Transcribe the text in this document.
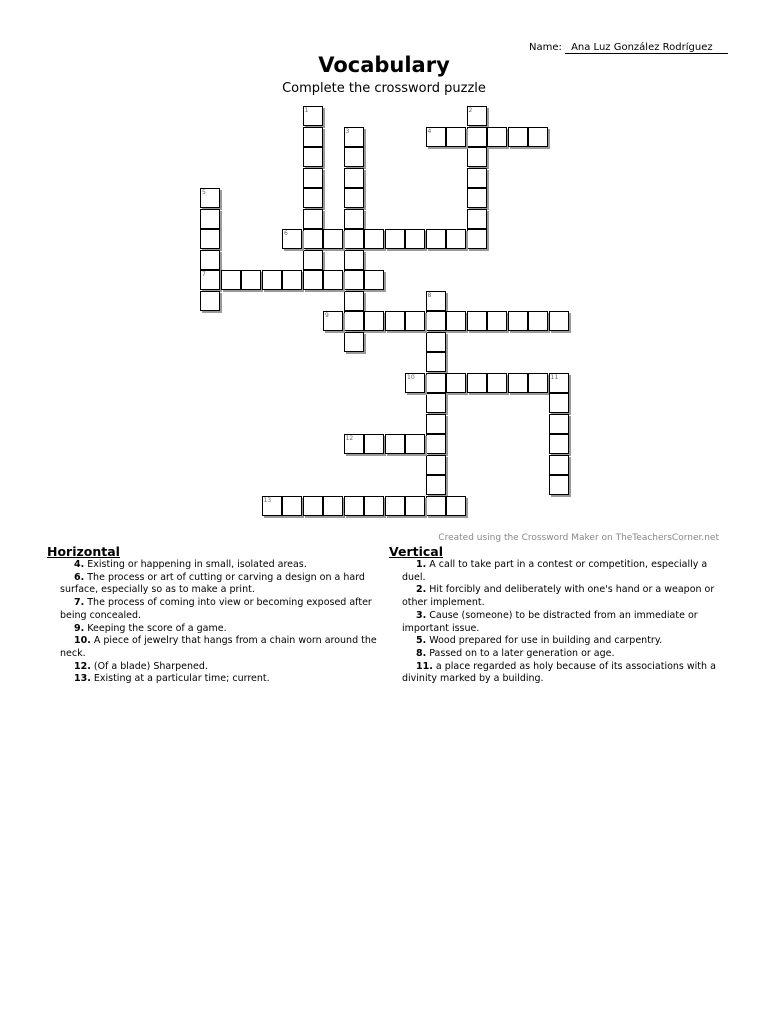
Name: Ana Luz González Rodríguez
Vocabulary
Complete the crossword puzzle
1	2
3	4
5
6
7
8
9
10	11
12
13
Created using the Crossword Maker on TheTeachersCorner.net
Horizontal
4. Existing or happening in small, isolated areas.
6. The process or art of cutting or carving a design on a hard surface, especially so as to make a print.
7. The process of coming into view or becoming exposed after being concealed.
9. Keeping the score of a game.
10. A piece of jewelry that hangs from a chain worn around the neck.
12. (Of a blade) Sharpened.
13. Existing at a particular time; current.
Vertical
1. A call to take part in a contest or competition, especially a duel.
2. Hit forcibly and deliberately with one's hand or a weapon or other implement.
3. Cause (someone) to be distracted from an immediate or important issue.
5. Wood prepared for use in building and carpentry.
8. Passed on to a later generation or age.
11. a place regarded as holy because of its associations with a divinity marked by a building.
